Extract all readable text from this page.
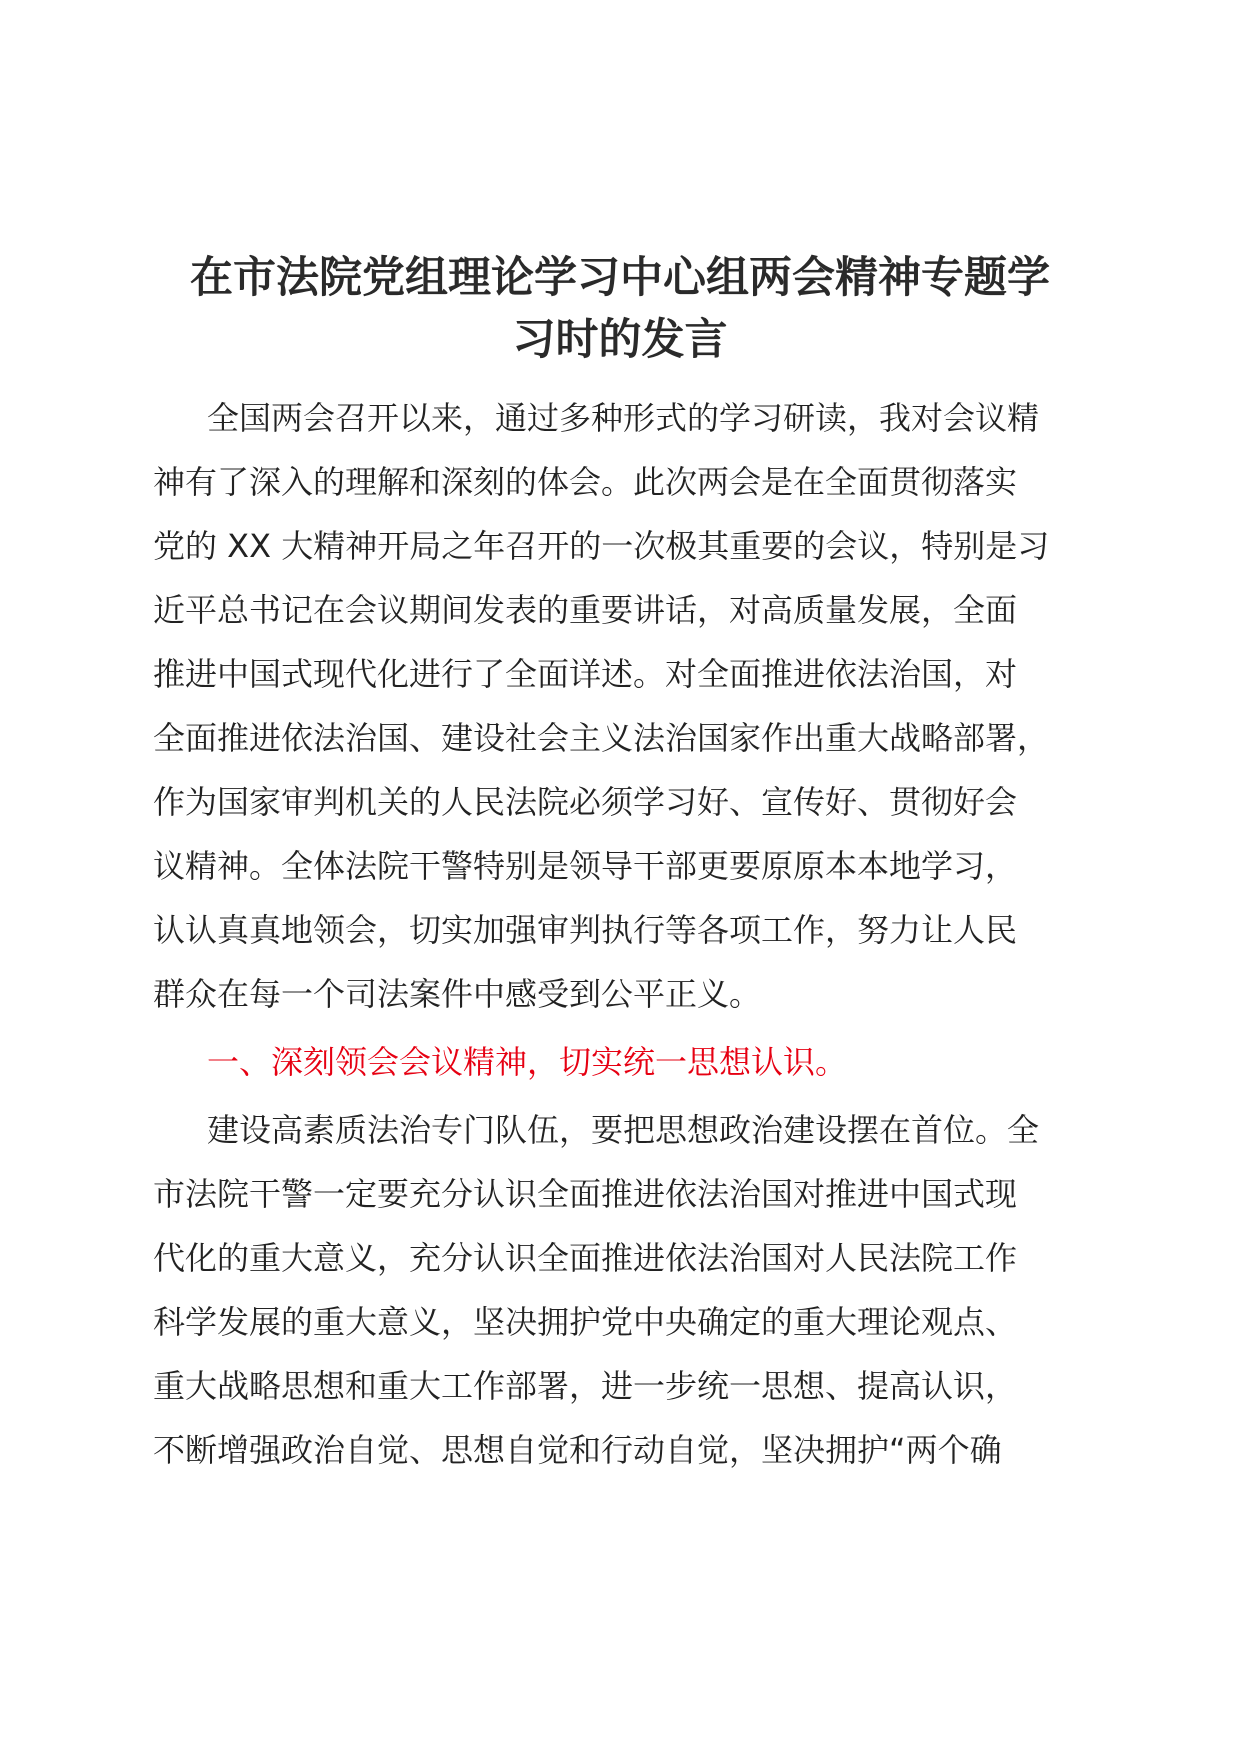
在市法院党组理论学习中心组两会精神专题学
习时的发言
全国两会召开以来，通过多种形式的学习研读，我对会议精
神有了深入的理解和深刻的体会。此次两会是在全面贯彻落实
党的 XX 大精神开局之年召开的一次极其重要的会议，特别是习
近平总书记在会议期间发表的重要讲话，对高质量发展，全面
推进中国式现代化进行了全面详述。对全面推进依法治国，对
全面推进依法治国、建设社会主义法治国家作出重大战略部署，
作为国家审判机关的人民法院必须学习好、宣传好、贯彻好会
议精神。全体法院干警特别是领导干部更要原原本本地学习，
认认真真地领会，切实加强审判执行等各项工作，努力让人民
群众在每一个司法案件中感受到公平正义。
一、深刻领会会议精神，切实统一思想认识。
建设高素质法治专门队伍，要把思想政治建设摆在首位。全
市法院干警一定要充分认识全面推进依法治国对推进中国式现
代化的重大意义，充分认识全面推进依法治国对人民法院工作
科学发展的重大意义，坚决拥护党中央确定的重大理论观点、
重大战略思想和重大工作部署，进一步统一思想、提高认识，
不断增强政治自觉、思想自觉和行动自觉，坚决拥护“两个确
